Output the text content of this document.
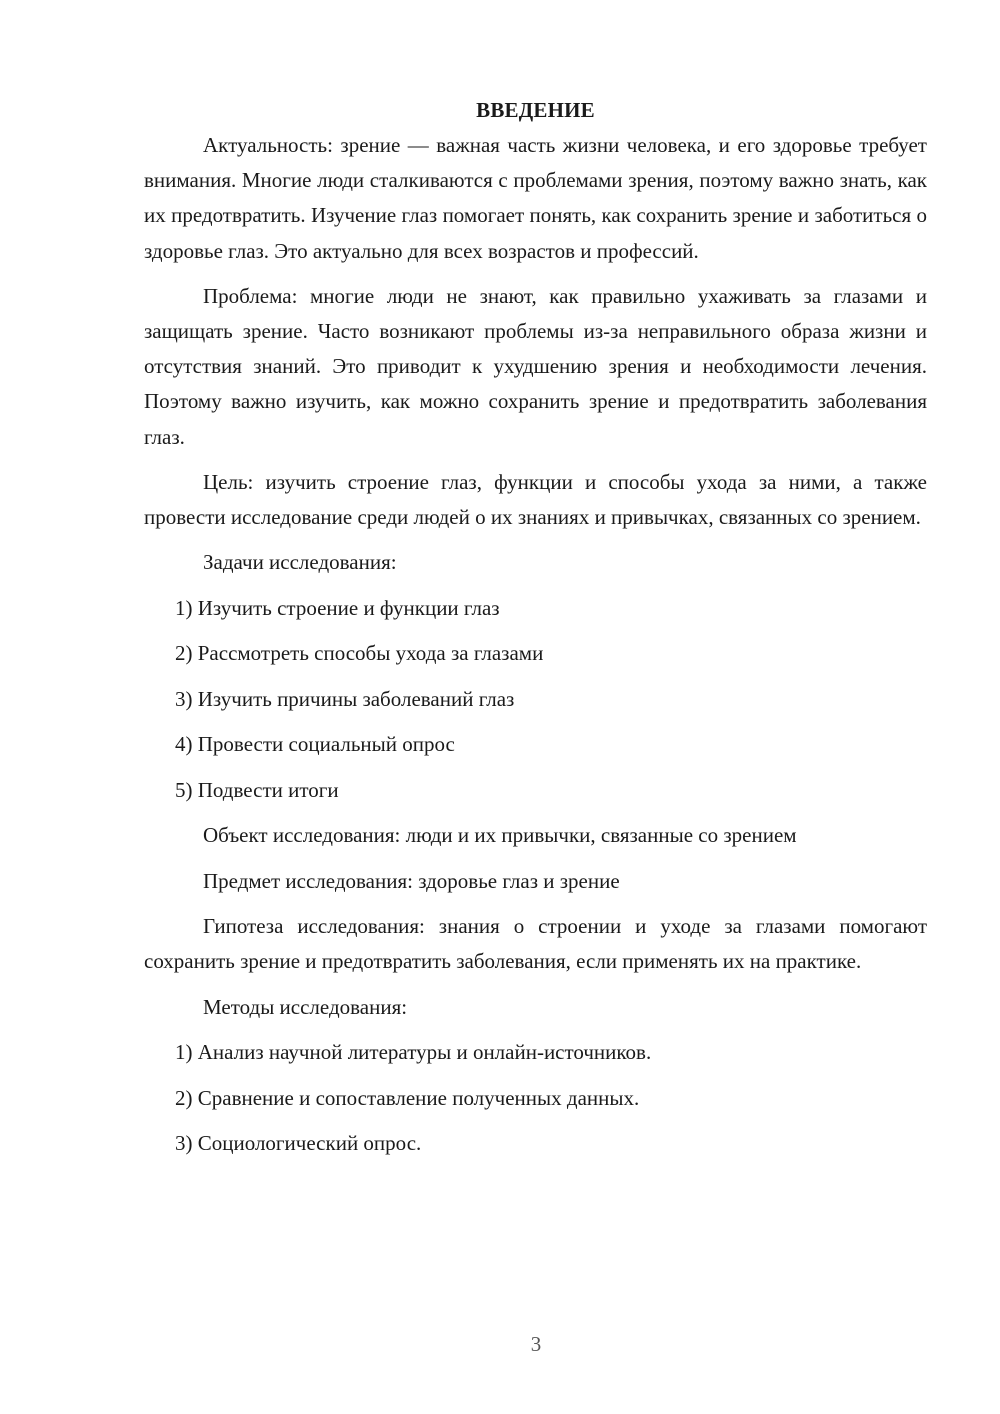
ВВЕДЕНИЕ

Актуальность: зрение — важная часть жизни человека, и его здоровье требует внимания. Многие люди сталкиваются с проблемами зрения, поэтому важно знать, как их предотвратить. Изучение глаз помогает понять, как сохранить зрение и заботиться о здоровье глаз. Это актуально для всех возрастов и профессий.

Проблема: многие люди не знают, как правильно ухаживать за глазами и защищать зрение. Часто возникают проблемы из-за неправильного образа жизни и отсутствия знаний. Это приводит к ухудшению зрения и необходимости лечения. Поэтому важно изучить, как можно сохранить зрение и предотвратить заболевания глаз.

Цель: изучить строение глаз, функции и способы ухода за ними, а также провести исследование среди людей о их знаниях и привычках, связанных со зрением.

Задачи исследования:
1) Изучить строение и функции глаз
2) Рассмотреть способы ухода за глазами
3) Изучить причины заболеваний глаз
4) Провести социальный опрос
5) Подвести итоги
Объект исследования: люди и их привычки, связанные со зрением
Предмет исследования: здоровье глаз и зрение

Гипотеза исследования: знания о строении и уходе за глазами помогают сохранить зрение и предотвратить заболевания, если применять их на практике.

Методы исследования:
1) Анализ научной литературы и онлайн-источников.
2) Сравнение и сопоставление полученных данных.
3) Социологический опрос.
3
